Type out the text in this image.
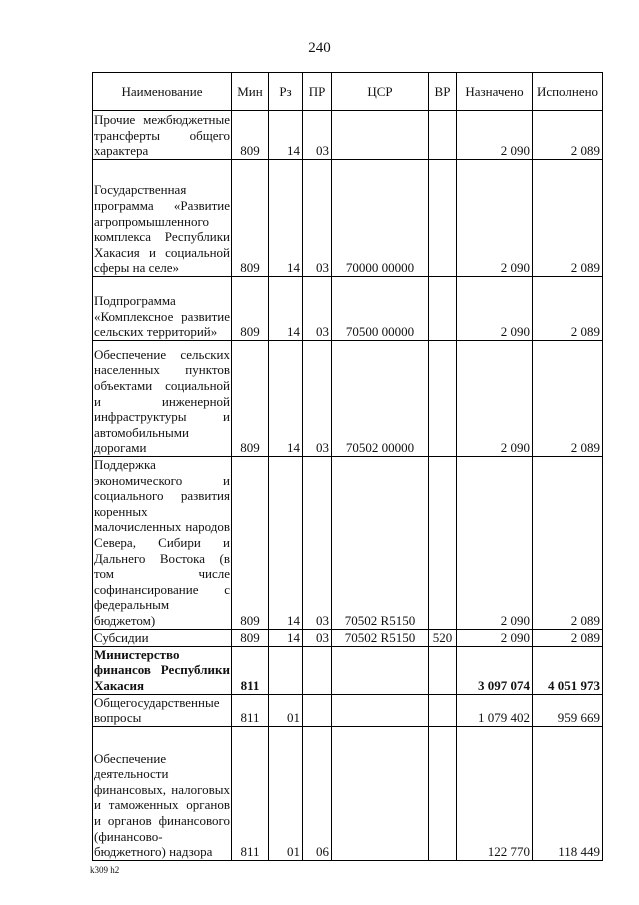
240
Наименование	Мин	Рз	ПР	ЦСР	ВР	Назначено	Исполнено
Прочие межбюджетные трансферты общего характера	809	14	03			2 090	2 089
Государственная программа «Развитие агропромышленного комплекса Республики Хакасия и социальной сферы на селе»	809	14	03	70000 00000		2 090	2 089
Подпрограмма «Комплексное развитие сельских территорий»	809	14	03	70500 00000		2 090	2 089
Обеспечение сельских населенных пунктов объектами социальной и инженерной инфраструктуры и автомобильными дорогами	809	14	03	70502 00000		2 090	2 089
Поддержка экономического и социального развития коренных малочисленных народов Севера, Сибири и Дальнего Востока (в том числе софинансирование с федеральным бюджетом)	809	14	03	70502 R5150		2 090	2 089
Субсидии	809	14	03	70502 R5150	520	2 090	2 089
Министерство финансов Республики Хакасия	811					3 097 074	4 051 973
Общегосударственные вопросы	811	01				1 079 402	959 669
Обеспечение деятельности финансовых, налоговых и таможенных органов и органов финансового (финансово-бюджетного) надзора	811	01	06			122 770	118 449
k309 h2
